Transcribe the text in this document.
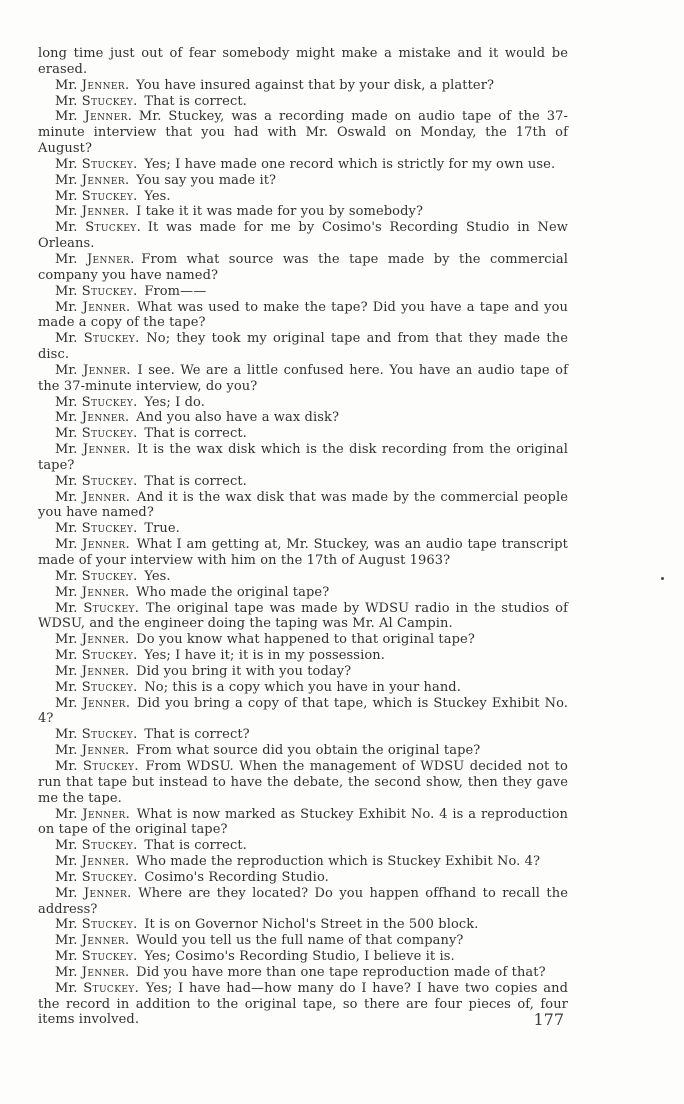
long time just out of fear somebody might make a mistake and it would be erased.

Mr. Jenner. You have insured against that by your disk, a platter?

Mr. Stuckey. That is correct.

Mr. Jenner. Mr. Stuckey, was a recording made on audio tape of the 37-minute interview that you had with Mr. Oswald on Monday, the 17th of August?

Mr. Stuckey. Yes; I have made one record which is strictly for my own use.

Mr. Jenner. You say you made it?

Mr. Stuckey. Yes.

Mr. Jenner. I take it it was made for you by somebody?

Mr. Stuckey. It was made for me by Cosimo's Recording Studio in New Orleans.

Mr. Jenner. From what source was the tape made by the commercial company you have named?

Mr. Stuckey. From——

Mr. Jenner. What was used to make the tape? Did you have a tape and you made a copy of the tape?

Mr. Stuckey. No; they took my original tape and from that they made the disc.

Mr. Jenner. I see. We are a little confused here. You have an audio tape of the 37-minute interview, do you?

Mr. Stuckey. Yes; I do.

Mr. Jenner. And you also have a wax disk?

Mr. Stuckey. That is correct.

Mr. Jenner. It is the wax disk which is the disk recording from the original tape?

Mr. Stuckey. That is correct.

Mr. Jenner. And it is the wax disk that was made by the commercial people you have named?

Mr. Stuckey. True.

Mr. Jenner. What I am getting at, Mr. Stuckey, was an audio tape transcript made of your interview with him on the 17th of August 1963?

Mr. Stuckey. Yes.

Mr. Jenner. Who made the original tape?

Mr. Stuckey. The original tape was made by WDSU radio in the studios of WDSU, and the engineer doing the taping was Mr. Al Campin.

Mr. Jenner. Do you know what happened to that original tape?

Mr. Stuckey. Yes; I have it; it is in my possession.

Mr. Jenner. Did you bring it with you today?

Mr. Stuckey. No; this is a copy which you have in your hand.

Mr. Jenner. Did you bring a copy of that tape, which is Stuckey Exhibit No. 4?

Mr. Stuckey. That is correct?

Mr. Jenner. From what source did you obtain the original tape?

Mr. Stuckey. From WDSU. When the management of WDSU decided not to run that tape but instead to have the debate, the second show, then they gave me the tape.

Mr. Jenner. What is now marked as Stuckey Exhibit No. 4 is a reproduction on tape of the original tape?

Mr. Stuckey. That is correct.

Mr. Jenner. Who made the reproduction which is Stuckey Exhibit No. 4?

Mr. Stuckey. Cosimo's Recording Studio.

Mr. Jenner. Where are they located? Do you happen offhand to recall the address?

Mr. Stuckey. It is on Governor Nichol's Street in the 500 block.

Mr. Jenner. Would you tell us the full name of that company?

Mr. Stuckey. Yes; Cosimo's Recording Studio, I believe it is.

Mr. Jenner. Did you have more than one tape reproduction made of that?

Mr. Stuckey. Yes; I have had—how many do I have? I have two copies and the record in addition to the original tape, so there are four pieces of, four items involved.	177
